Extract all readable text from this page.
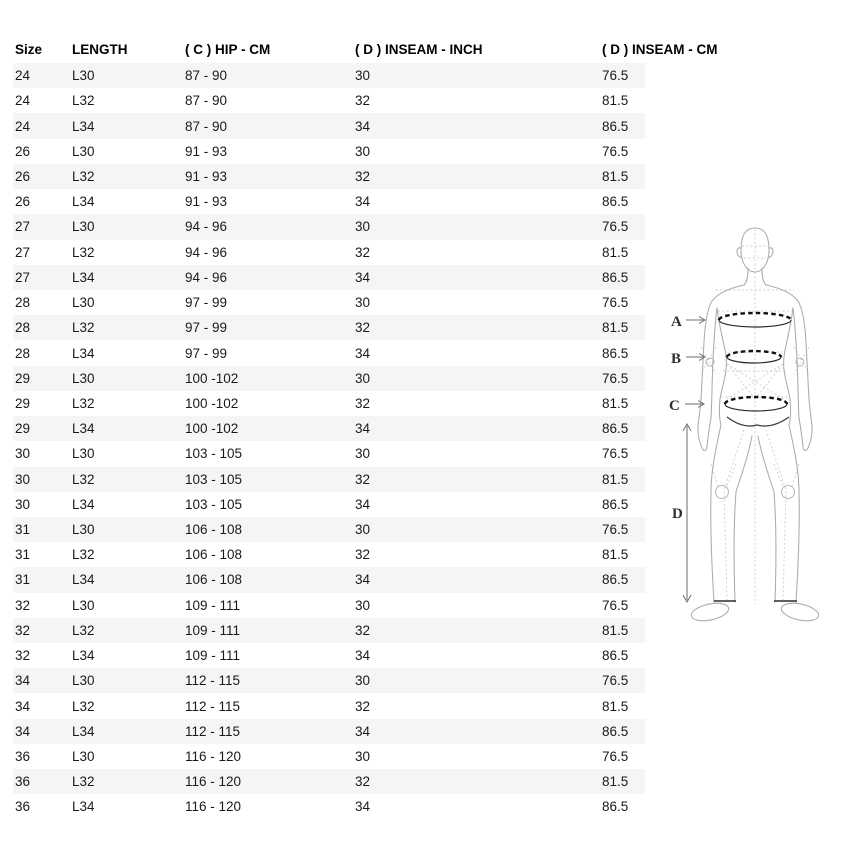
Size	LENGTH	( C ) HIP - CM	( D ) INSEAM - INCH	( D ) INSEAM - CM
24	L30	87 - 90	30	76.5
24	L32	87 - 90	32	81.5
24	L34	87 - 90	34	86.5
26	L30	91 - 93	30	76.5
26	L32	91 - 93	32	81.5
26	L34	91 - 93	34	86.5
27	L30	94 - 96	30	76.5
27	L32	94 - 96	32	81.5
27	L34	94 - 96	34	86.5
28	L30	97 - 99	30	76.5
28	L32	97 - 99	32	81.5
28	L34	97 - 99	34	86.5
29	L30	100 -102	30	76.5
29	L32	100 -102	32	81.5
29	L34	100 -102	34	86.5
30	L30	103 - 105	30	76.5
30	L32	103 - 105	32	81.5
30	L34	103 - 105	34	86.5
31	L30	106 - 108	30	76.5
31	L32	106 - 108	32	81.5
31	L34	106 - 108	34	86.5
32	L30	109 - 111	30	76.5
32	L32	109 - 111	32	81.5
32	L34	109 - 111	34	86.5
34	L30	112 - 115	30	76.5
34	L32	112 - 115	32	81.5
34	L34	112 - 115	34	86.5
36	L30	116 - 120	30	76.5
36	L32	116 - 120	32	81.5
36	L34	116 - 120	34	86.5
A
B
C
D
